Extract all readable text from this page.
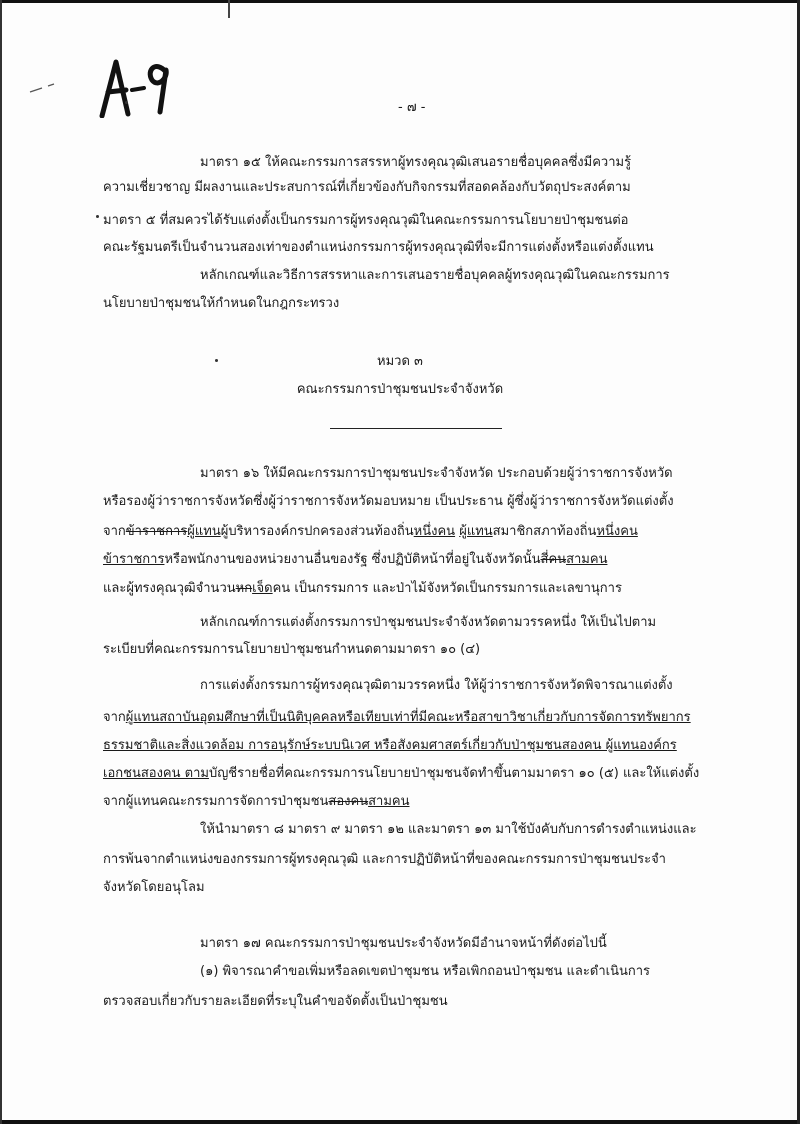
- ๗ -
มาตรา ๑๕ ให้คณะกรรมการสรรหาผู้ทรงคุณวุฒิเสนอรายชื่อบุคคลซึ่งมีความรู้
ความเชี่ยวชาญ มีผลงานและประสบการณ์ที่เกี่ยวข้องกับกิจกรรมที่สอดคล้องกับวัตถุประสงค์ตาม
มาตรา ๕ ที่สมควรได้รับแต่งตั้งเป็นกรรมการผู้ทรงคุณวุฒิในคณะกรรมการนโยบายป่าชุมชนต่อ
คณะรัฐมนตรีเป็นจำนวนสองเท่าของตำแหน่งกรรมการผู้ทรงคุณวุฒิที่จะมีการแต่งตั้งหรือแต่งตั้งแทน
หลักเกณฑ์และวิธีการสรรหาและการเสนอรายชื่อบุคคลผู้ทรงคุณวุฒิในคณะกรรมการ
นโยบายป่าชุมชนให้กำหนดในกฎกระทรวง
หมวด ๓
คณะกรรมการป่าชุมชนประจำจังหวัด
มาตรา ๑๖ ให้มีคณะกรรมการป่าชุมชนประจำจังหวัด ประกอบด้วยผู้ว่าราชการจังหวัด
หรือรองผู้ว่าราชการจังหวัดซึ่งผู้ว่าราชการจังหวัดมอบหมาย เป็นประธาน ผู้ซึ่งผู้ว่าราชการจังหวัดแต่งตั้ง
จากข้าราชการผู้แทนผู้บริหารองค์กรปกครองส่วนท้องถิ่นหนึ่งคน ผู้แทนสมาชิกสภาท้องถิ่นหนึ่งคน
ข้าราชการหรือพนักงานของหน่วยงานอื่นของรัฐ ซึ่งปฏิบัติหน้าที่อยู่ในจังหวัดนั้นสี่คนสามคน
และผู้ทรงคุณวุฒิจำนวนหกเจ็ดคน เป็นกรรมการ และป่าไม้จังหวัดเป็นกรรมการและเลขานุการ
หลักเกณฑ์การแต่งตั้งกรรมการป่าชุมชนประจำจังหวัดตามวรรคหนึ่ง ให้เป็นไปตาม
ระเบียบที่คณะกรรมการนโยบายป่าชุมชนกำหนดตามมาตรา ๑๐ (๔)
การแต่งตั้งกรรมการผู้ทรงคุณวุฒิตามวรรคหนึ่ง ให้ผู้ว่าราชการจังหวัดพิจารณาแต่งตั้ง
จากผู้แทนสถาบันอุดมศึกษาที่เป็นนิติบุคคลหรือเทียบเท่าที่มีคณะหรือสาขาวิชาเกี่ยวกับการจัดการทรัพยากร
ธรรมชาติและสิ่งแวดล้อม การอนุรักษ์ระบบนิเวศ หรือสังคมศาสตร์เกี่ยวกับป่าชุมชนสองคน ผู้แทนองค์กร
เอกชนสองคน ตามบัญชีรายชื่อที่คณะกรรมการนโยบายป่าชุมชนจัดทำขึ้นตามมาตรา ๑๐ (๕) และให้แต่งตั้ง
จากผู้แทนคณะกรรมการจัดการป่าชุมชนสองคนสามคน
ให้นำมาตรา ๘ มาตรา ๙ มาตรา ๑๒ และมาตรา ๑๓ มาใช้บังคับกับการดำรงตำแหน่งและ
การพ้นจากตำแหน่งของกรรมการผู้ทรงคุณวุฒิ และการปฏิบัติหน้าที่ของคณะกรรมการป่าชุมชนประจำ
จังหวัดโดยอนุโลม
มาตรา ๑๗ คณะกรรมการป่าชุมชนประจำจังหวัดมีอำนาจหน้าที่ดังต่อไปนี้
(๑) พิจารณาคำขอเพิ่มหรือลดเขตป่าชุมชน หรือเพิกถอนป่าชุมชน และดำเนินการ
ตรวจสอบเกี่ยวกับรายละเอียดที่ระบุในคำขอจัดตั้งเป็นป่าชุมชน
